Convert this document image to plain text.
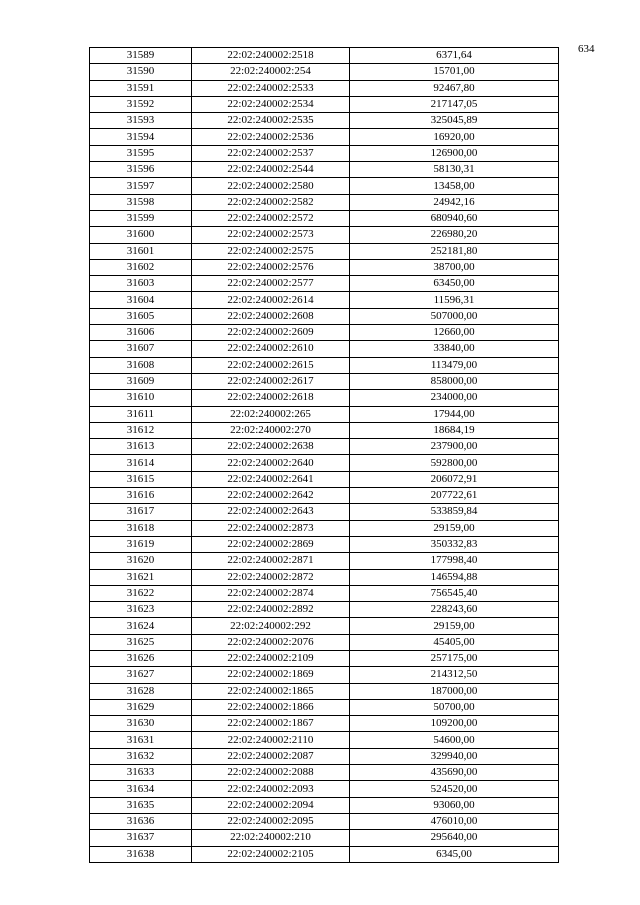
634
31589	22:02:240002:2518	6371,64
31590	22:02:240002:254	15701,00
31591	22:02:240002:2533	92467,80
31592	22:02:240002:2534	217147,05
31593	22:02:240002:2535	325045,89
31594	22:02:240002:2536	16920,00
31595	22:02:240002:2537	126900,00
31596	22:02:240002:2544	58130,31
31597	22:02:240002:2580	13458,00
31598	22:02:240002:2582	24942,16
31599	22:02:240002:2572	680940,60
31600	22:02:240002:2573	226980,20
31601	22:02:240002:2575	252181,80
31602	22:02:240002:2576	38700,00
31603	22:02:240002:2577	63450,00
31604	22:02:240002:2614	11596,31
31605	22:02:240002:2608	507000,00
31606	22:02:240002:2609	12660,00
31607	22:02:240002:2610	33840,00
31608	22:02:240002:2615	113479,00
31609	22:02:240002:2617	858000,00
31610	22:02:240002:2618	234000,00
31611	22:02:240002:265	17944,00
31612	22:02:240002:270	18684,19
31613	22:02:240002:2638	237900,00
31614	22:02:240002:2640	592800,00
31615	22:02:240002:2641	206072,91
31616	22:02:240002:2642	207722,61
31617	22:02:240002:2643	533859,84
31618	22:02:240002:2873	29159,00
31619	22:02:240002:2869	350332,83
31620	22:02:240002:2871	177998,40
31621	22:02:240002:2872	146594,88
31622	22:02:240002:2874	756545,40
31623	22:02:240002:2892	228243,60
31624	22:02:240002:292	29159,00
31625	22:02:240002:2076	45405,00
31626	22:02:240002:2109	257175,00
31627	22:02:240002:1869	214312,50
31628	22:02:240002:1865	187000,00
31629	22:02:240002:1866	50700,00
31630	22:02:240002:1867	109200,00
31631	22:02:240002:2110	54600,00
31632	22:02:240002:2087	329940,00
31633	22:02:240002:2088	435690,00
31634	22:02:240002:2093	524520,00
31635	22:02:240002:2094	93060,00
31636	22:02:240002:2095	476010,00
31637	22:02:240002:210	295640,00
31638	22:02:240002:2105	6345,00
